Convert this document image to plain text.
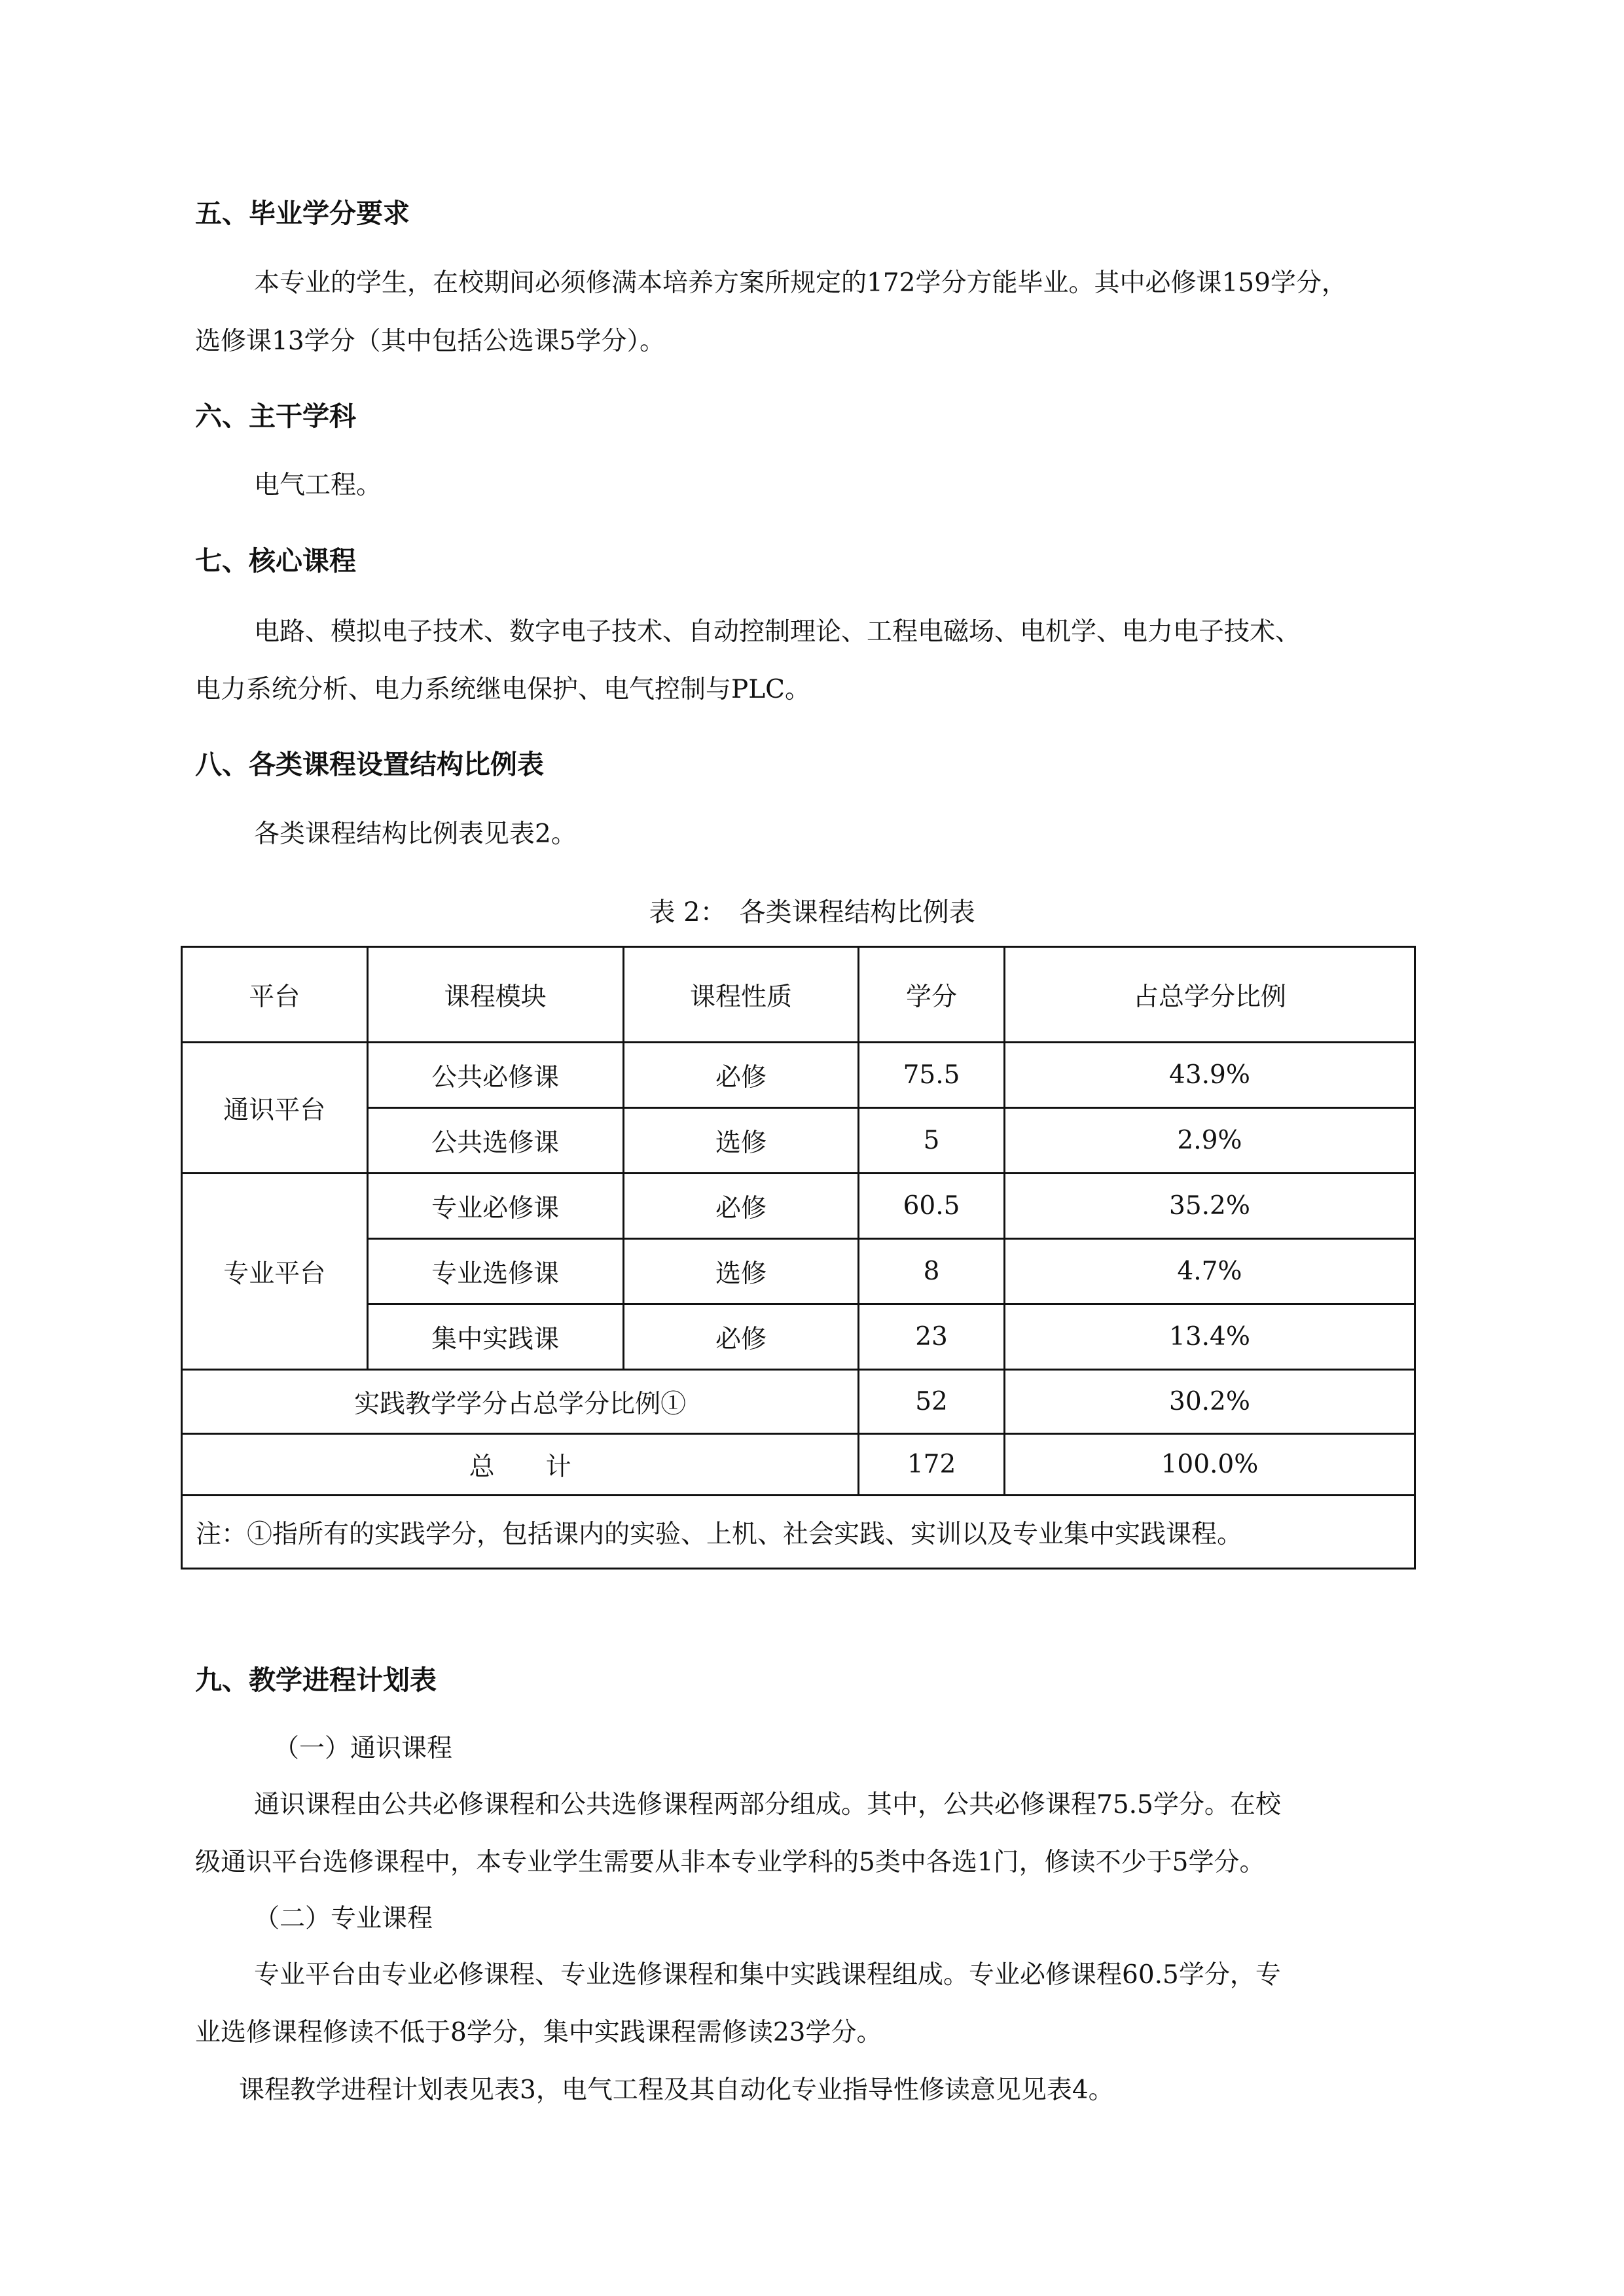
五、毕业学分要求
本专业的学生，在校期间必须修满本培养方案所规定的172学分方能毕业。其中必修课159学分，
选修课13学分（其中包括公选课5学分）。
六、主干学科
电气工程。
七、核心课程
电路、模拟电子技术、数字电子技术、自动控制理论、工程电磁场、电机学、电力电子技术、
电力系统分析、电力系统继电保护、电气控制与PLC。
八、各类课程设置结构比例表
各类课程结构比例表见表2。
表 2：　各类课程结构比例表
平台	课程模块	课程性质	学分	占总学分比例
通识平台	公共必修课	必修	75.5	43.9%
	公共选修课	选修	5	2.9%
专业平台	专业必修课	必修	60.5	35.2%
	专业选修课	选修	8	4.7%
	集中实践课	必修	23	13.4%
实践教学学分占总学分比例①			52	30.2%
总　　计			172	100.0%
注：①指所有的实践学分，包括课内的实验、上机、社会实践、实训以及专业集中实践课程。				
九、教学进程计划表
（一）通识课程
通识课程由公共必修课程和公共选修课程两部分组成。其中，公共必修课程75.5学分。在校
级通识平台选修课程中，本专业学生需要从非本专业学科的5类中各选1门，修读不少于5学分。
（二）专业课程
专业平台由专业必修课程、专业选修课程和集中实践课程组成。专业必修课程60.5学分，专
业选修课程修读不低于8学分，集中实践课程需修读23学分。
课程教学进程计划表见表3，电气工程及其自动化专业指导性修读意见见表4。
